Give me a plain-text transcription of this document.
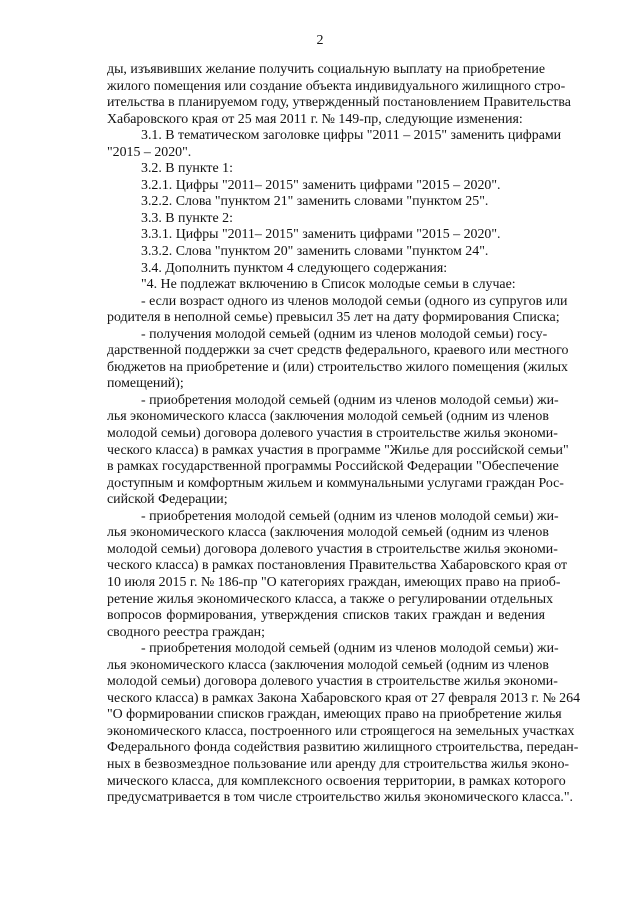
2
ды, изъявивших желание получить социальную выплату на приобретение
жилого помещения или создание объекта индивидуального жилищного стро-
ительства в планируемом году, утвержденный постановлением Правительства
Хабаровского края от 25 мая 2011 г. № 149-пр, следующие изменения:
3.1. В тематическом заголовке цифры "2011 – 2015" заменить цифрами
"2015 – 2020".
3.2. В пункте 1:
3.2.1. Цифры "2011– 2015" заменить цифрами "2015 – 2020".
3.2.2. Слова "пунктом 21" заменить словами "пунктом 25".
3.3. В пункте 2:
3.3.1. Цифры "2011– 2015" заменить цифрами "2015 – 2020".
3.3.2. Слова "пунктом 20" заменить словами "пунктом 24".
3.4. Дополнить пунктом 4 следующего содержания:
"4. Не подлежат включению в Список молодые семьи в случае:
- если возраст одного из членов молодой семьи (одного из супругов или
родителя в неполной семье) превысил 35 лет на дату формирования Списка;
- получения молодой семьей (одним из членов молодой семьи) госу-
дарственной поддержки за счет средств федерального, краевого или местного
бюджетов на приобретение и (или) строительство жилого помещения (жилых
помещений);
- приобретения молодой семьей (одним из членов молодой семьи) жи-
лья экономического класса (заключения молодой семьей (одним из членов
молодой семьи) договора долевого участия в строительстве жилья экономи-
ческого класса) в рамках участия в программе "Жилье для российской семьи"
в рамках государственной программы Российской Федерации "Обеспечение
доступным и комфортным жильем и коммунальными услугами граждан Рос-
сийской Федерации;
- приобретения молодой семьей (одним из членов молодой семьи) жи-
лья экономического класса (заключения молодой семьей (одним из членов
молодой семьи) договора долевого участия в строительстве жилья экономи-
ческого класса) в рамках постановления Правительства Хабаровского края от
10 июля 2015 г. № 186-пр "О категориях граждан, имеющих право на приоб-
ретение жилья экономического класса, а также о регулировании отдельных
вопросов формирования, утверждения списков таких граждан и ведения
сводного реестра граждан;
- приобретения молодой семьей (одним из членов молодой семьи) жи-
лья экономического класса (заключения молодой семьей (одним из членов
молодой семьи) договора долевого участия в строительстве жилья экономи-
ческого класса) в рамках Закона Хабаровского края от 27 февраля 2013 г. № 264
"О формировании списков граждан, имеющих право на приобретение жилья
экономического класса, построенного или строящегося на земельных участках
Федерального фонда содействия развитию жилищного строительства, передан-
ных в безвозмездное пользование или аренду для строительства жилья эконо-
мического класса, для комплексного освоения территории, в рамках которого
предусматривается в том числе строительство жилья экономического класса.".
